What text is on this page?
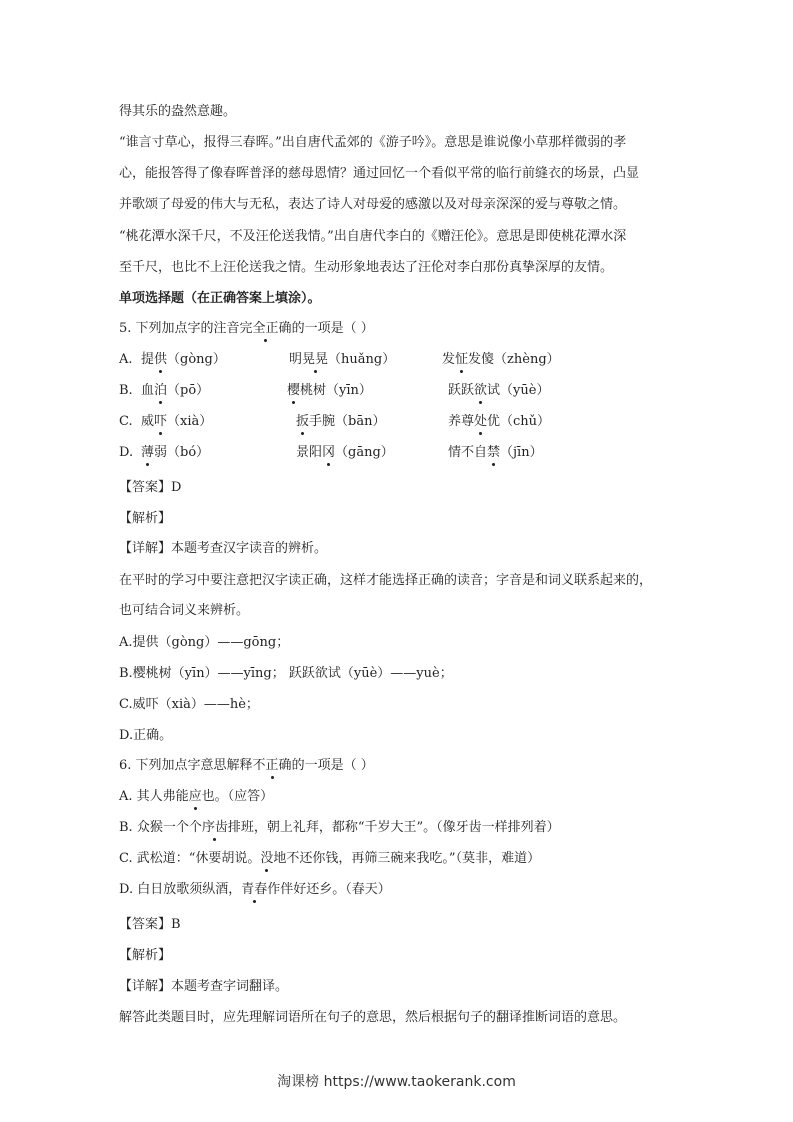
得其乐的盎然意趣。
“谁言寸草心，报得三春晖。”出自唐代孟郊的《游子吟》。意思是谁说像小草那样微弱的孝
心，能报答得了像春晖普泽的慈母恩情？通过回忆一个看似平常的临行前缝衣的场景，凸显
并歌颂了母爱的伟大与无私，表达了诗人对母爱的感激以及对母亲深深的爱与尊敬之情。
“桃花潭水深千尺，不及汪伦送我情。”出自唐代李白的《赠汪伦》。意思是即使桃花潭水深
至千尺，也比不上汪伦送我之情。生动形象地表达了汪伦对李白那份真挚深厚的友情。
单项选择题（在正确答案上填涂）。
5. 下列加点字的注音完全正确的一项是（ ）
A. 提供（gòng）	明晃晃（huǎng）	发怔发傻（zhèng）
B. 血泊（pō）	樱桃树（yīn）	跃跃欲试（yūè）
C. 威吓（xià）	扳手腕（bān）	养尊处优（chǔ）
D. 薄弱（bó）	景阳冈（gāng）	情不自禁（jīn）
【答案】D
【解析】
【详解】本题考查汉字读音的辨析。
在平时的学习中要注意把汉字读正确，这样才能选择正确的读音；字音是和词义联系起来的，
也可结合词义来辨析。
A.提供（gòng）——gōng；
B.樱桃树（yīn）——yīng； 跃跃欲试（yūè）——yuè；
C.威吓（xià）——hè；
D.正确。
6. 下列加点字意思解释不正确的一项是（ ）
A. 其人弗能应也。（应答）
B. 众猴一个个序齿排班，朝上礼拜，都称“千岁大王”。（像牙齿一样排列着）
C. 武松道：“休要胡说。没地不还你钱，再筛三碗来我吃。”（莫非，难道）
D. 白日放歌须纵酒，青春作伴好还乡。（春天）
【答案】B
【解析】
【详解】本题考查字词翻译。
解答此类题目时，应先理解词语所在句子的意思，然后根据句子的翻译推断词语的意思。
淘课榜 https://www.taokerank.com
